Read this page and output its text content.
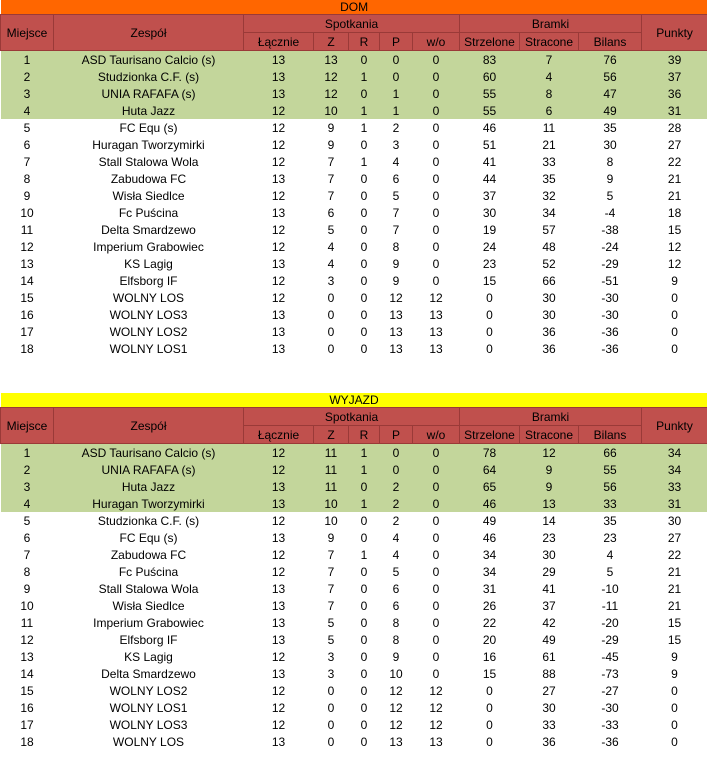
DOM										
Miejsce	Zespół	Spotkania					Bramki			Punkty
		Łącznie	Z	R	P	w/o	Strzelone	Stracone	Bilans	
1	ASD Taurisano Calcio (s)	13	13	0	0	0	83	7	76	39
2	Studzionka C.F. (s)	13	12	1	0	0	60	4	56	37
3	UNIA RAFAFA (s)	13	12	0	1	0	55	8	47	36
4	Huta Jazz	12	10	1	1	0	55	6	49	31
5	FC Equ (s)	12	9	1	2	0	46	11	35	28
6	Huragan Tworzymirki	12	9	0	3	0	51	21	30	27
7	Stall Stalowa Wola	12	7	1	4	0	41	33	8	22
8	Zabudowa FC	13	7	0	6	0	44	35	9	21
9	Wisła Siedlce	12	7	0	5	0	37	32	5	21
10	Fc Puścina	13	6	0	7	0	30	34	-4	18
11	Delta Smardzewo	12	5	0	7	0	19	57	-38	15
12	Imperium Grabowiec	12	4	0	8	0	24	48	-24	12
13	KS Lagig	13	4	0	9	0	23	52	-29	12
14	Elfsborg IF	12	3	0	9	0	15	66	-51	9
15	WOLNY LOS	12	0	0	12	12	0	30	-30	0
16	WOLNY LOS3	13	0	0	13	13	0	30	-30	0
17	WOLNY LOS2	13	0	0	13	13	0	36	-36	0
18	WOLNY LOS1	13	0	0	13	13	0	36	-36	0
WYJAZD										
Miejsce	Zespół	Spotkania					Bramki			Punkty
		Łącznie	Z	R	P	w/o	Strzelone	Stracone	Bilans	
1	ASD Taurisano Calcio (s)	12	11	1	0	0	78	12	66	34
2	UNIA RAFAFA (s)	12	11	1	0	0	64	9	55	34
3	Huta Jazz	13	11	0	2	0	65	9	56	33
4	Huragan Tworzymirki	13	10	1	2	0	46	13	33	31
5	Studzionka C.F. (s)	12	10	0	2	0	49	14	35	30
6	FC Equ (s)	13	9	0	4	0	46	23	23	27
7	Zabudowa FC	12	7	1	4	0	34	30	4	22
8	Fc Puścina	12	7	0	5	0	34	29	5	21
9	Stall Stalowa Wola	13	7	0	6	0	31	41	-10	21
10	Wisła Siedlce	13	7	0	6	0	26	37	-11	21
11	Imperium Grabowiec	13	5	0	8	0	22	42	-20	15
12	Elfsborg IF	13	5	0	8	0	20	49	-29	15
13	KS Lagig	12	3	0	9	0	16	61	-45	9
14	Delta Smardzewo	13	3	0	10	0	15	88	-73	9
15	WOLNY LOS2	12	0	0	12	12	0	27	-27	0
16	WOLNY LOS1	12	0	0	12	12	0	30	-30	0
17	WOLNY LOS3	12	0	0	12	12	0	33	-33	0
18	WOLNY LOS	13	0	0	13	13	0	36	-36	0
